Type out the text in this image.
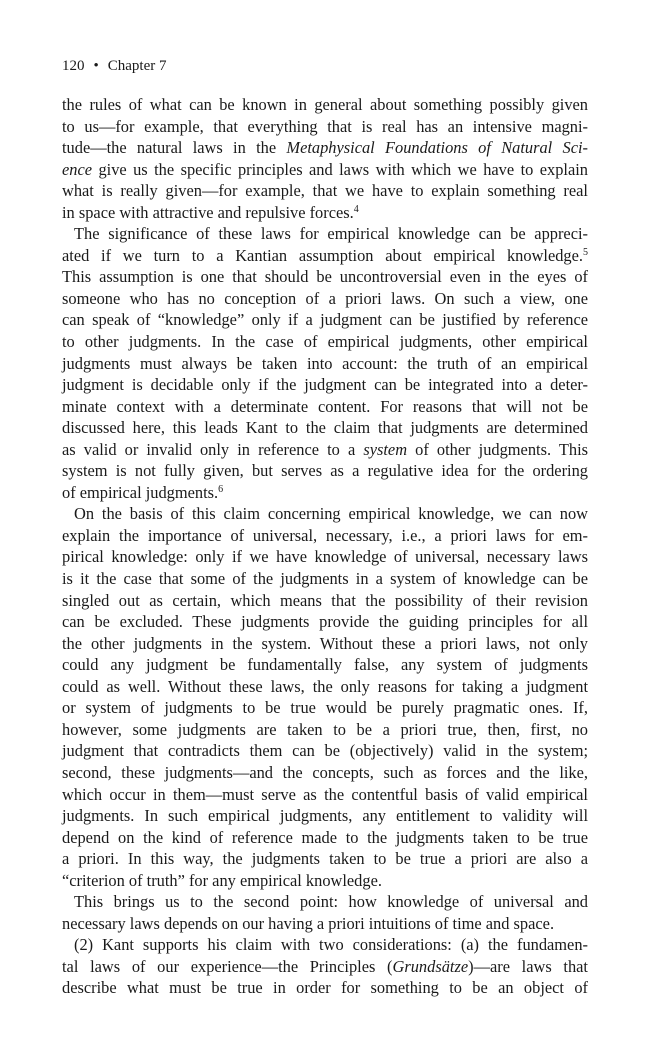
120 • Chapter 7
the rules of what can be known in general about something possibly given
to us—for example, that everything that is real has an intensive magni-
tude—the natural laws in the Metaphysical Foundations of Natural Sci-
ence give us the specific principles and laws with which we have to explain
what is really given—for example, that we have to explain something real
in space with attractive and repulsive forces.$^4$
The significance of these laws for empirical knowledge can be appreci-
ated if we turn to a Kantian assumption about empirical knowledge.$^5$
This assumption is one that should be uncontroversial even in the eyes of
someone who has no conception of a priori laws. On such a view, one
can speak of “knowledge” only if a judgment can be justified by reference
to other judgments. In the case of empirical judgments, other empirical
judgments must always be taken into account: the truth of an empirical
judgment is decidable only if the judgment can be integrated into a deter-
minate context with a determinate content. For reasons that will not be
discussed here, this leads Kant to the claim that judgments are determined
as valid or invalid only in reference to a system of other judgments. This
system is not fully given, but serves as a regulative idea for the ordering
of empirical judgments.$^6$
On the basis of this claim concerning empirical knowledge, we can now
explain the importance of universal, necessary, i.e., a priori laws for em-
pirical knowledge: only if we have knowledge of universal, necessary laws
is it the case that some of the judgments in a system of knowledge can be
singled out as certain, which means that the possibility of their revision
can be excluded. These judgments provide the guiding principles for all
the other judgments in the system. Without these a priori laws, not only
could any judgment be fundamentally false, any system of judgments
could as well. Without these laws, the only reasons for taking a judgment
or system of judgments to be true would be purely pragmatic ones. If,
however, some judgments are taken to be a priori true, then, first, no
judgment that contradicts them can be (objectively) valid in the system;
second, these judgments—and the concepts, such as forces and the like,
which occur in them—must serve as the contentful basis of valid empirical
judgments. In such empirical judgments, any entitlement to validity will
depend on the kind of reference made to the judgments taken to be true
a priori. In this way, the judgments taken to be true a priori are also a
“criterion of truth” for any empirical knowledge.
This brings us to the second point: how knowledge of universal and
necessary laws depends on our having a priori intuitions of time and space.
(2) Kant supports his claim with two considerations: (a) the fundamen-
tal laws of our experience—the Principles (Grundsätze)—are laws that
describe what must be true in order for something to be an object of
